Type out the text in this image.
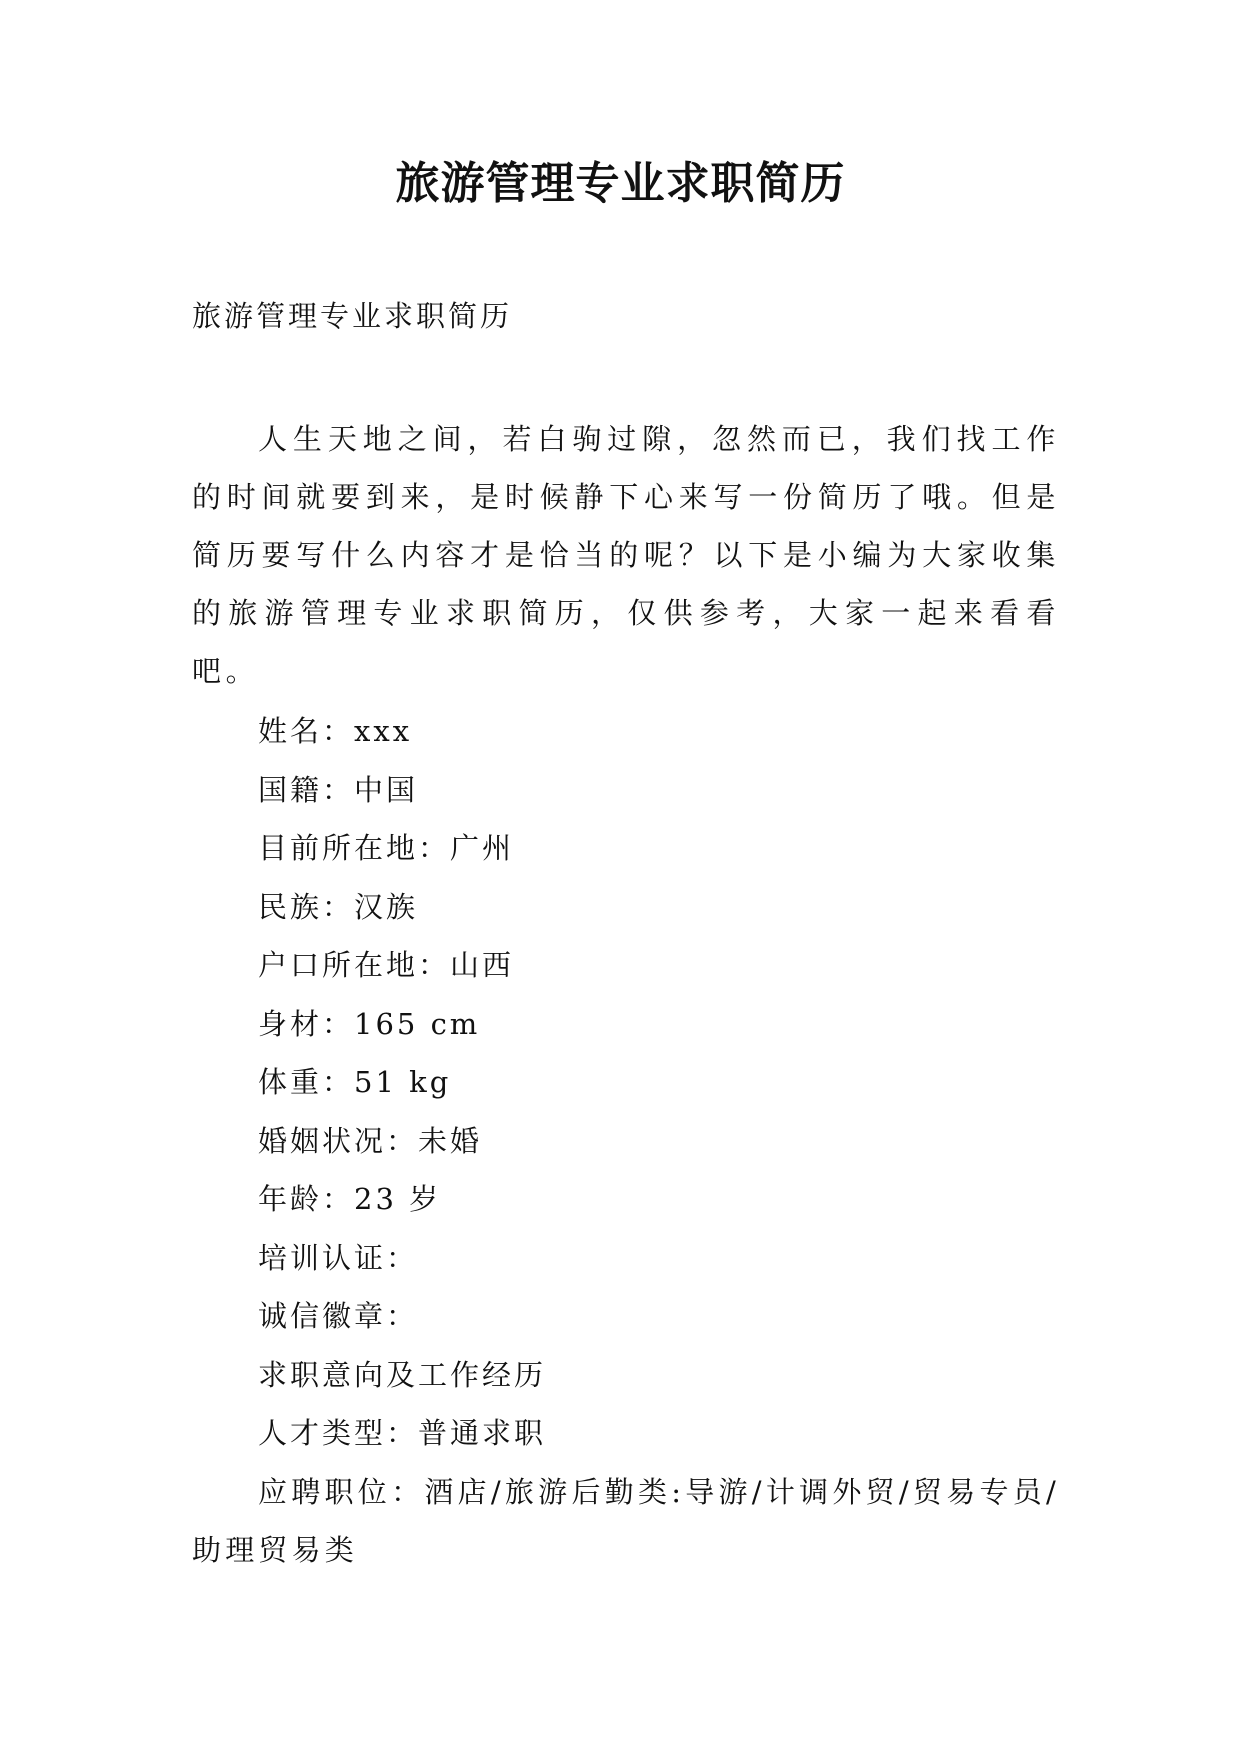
旅游管理专业求职简历
旅游管理专业求职简历

人生天地之间，若白驹过隙，忽然而已，我们找工作的时间就要到来，是时候静下心来写一份简历了哦。但是简历要写什么内容才是恰当的呢？以下是小编为大家收集的旅游管理专业求职简历，仅供参考，大家一起来看看吧。

姓名：xxx
国籍：中国
目前所在地：广州
民族：汉族
户口所在地：山西
身材：165 cm
体重：51 kg
婚姻状况：未婚
年龄：23 岁
培训认证：
诚信徽章：
求职意向及工作经历
人才类型：普通求职
应聘职位：酒店/旅游后勤类:导游/计调外贸/贸易专员/助理贸易类
